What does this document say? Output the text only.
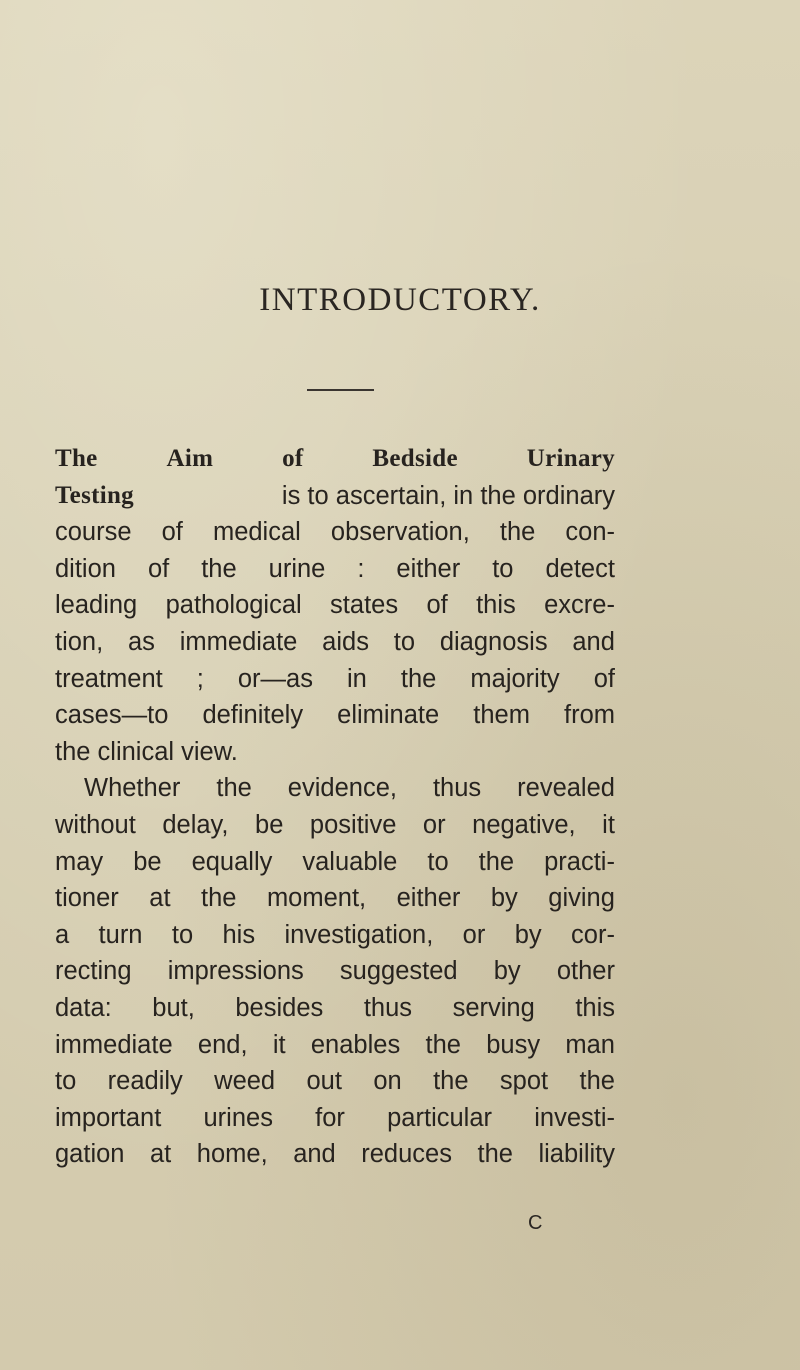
INTRODUCTORY.
The	Aim	of	Bedside	Urinary
Testing	is to ascertain, in the ordinary
course of medical observation, the con-
dition of the urine : either to detect
leading pathological states of this excre-
tion, as immediate aids to diagnosis and
treatment ; or—as in the majority of
cases—to definitely eliminate them from
the clinical view.
Whether the evidence, thus revealed
without delay, be positive or negative, it
may be equally valuable to the practi-
tioner at the moment, either by giving
a turn to his investigation, or by cor-
recting impressions suggested by other
data: but, besides thus serving this
immediate end, it enables the busy man
to readily weed out on the spot the
important urines for particular investi-
gation at home, and reduces the liability
C
